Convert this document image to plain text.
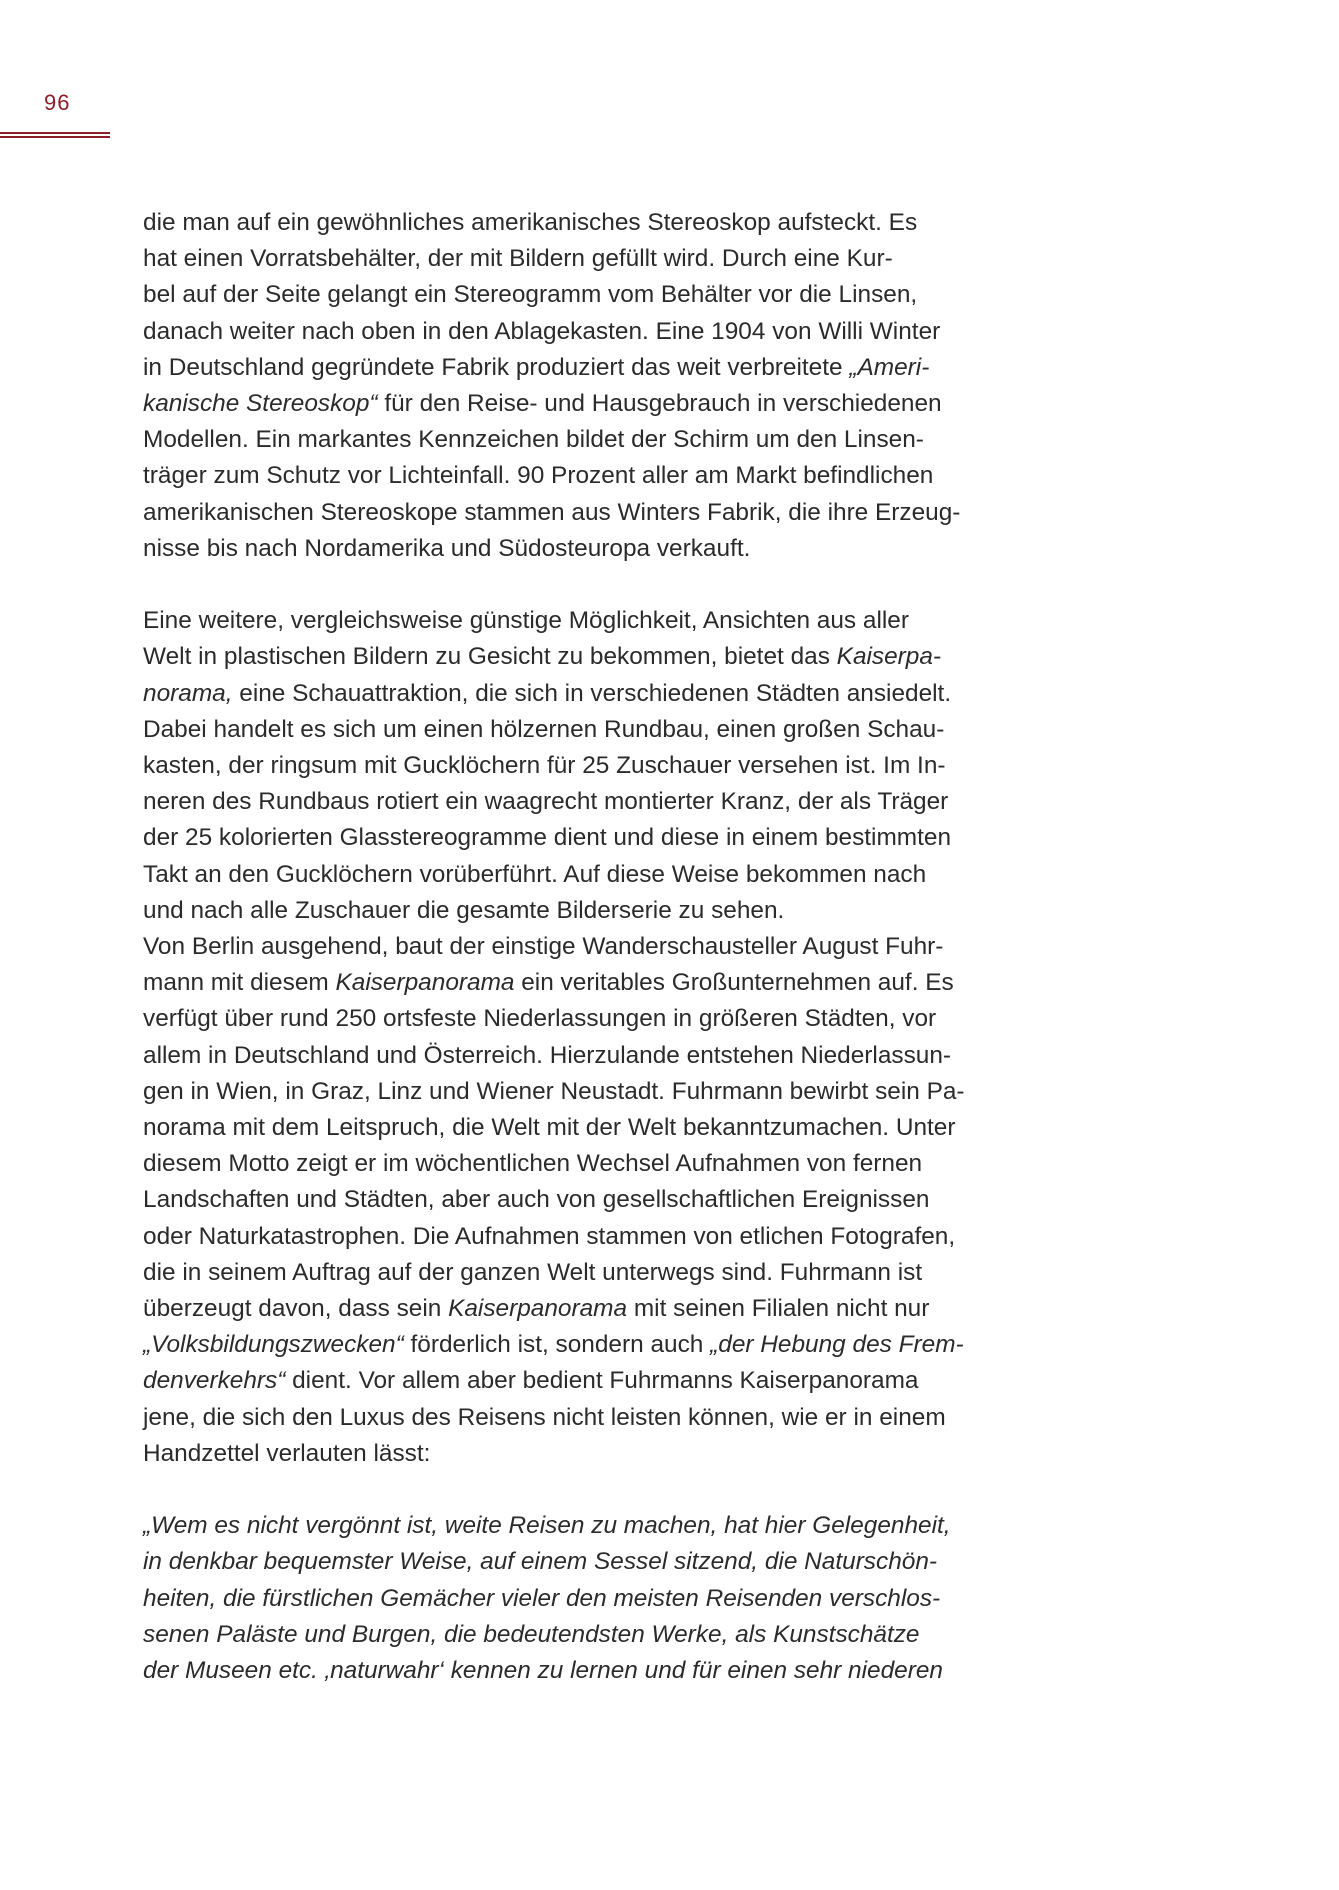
96
die man auf ein gewöhnliches amerikanisches Stereoskop aufsteckt. Es
hat einen Vorratsbehälter, der mit Bildern gefüllt wird. Durch eine Kur-
bel auf der Seite gelangt ein Stereogramm vom Behälter vor die Linsen,
danach weiter nach oben in den Ablagekasten. Eine 1904 von Willi Winter
in Deutschland gegründete Fabrik produziert das weit verbreitete „Ameri-
kanische Stereoskop“ für den Reise- und Hausgebrauch in verschiedenen
Modellen. Ein markantes Kennzeichen bildet der Schirm um den Linsen-
träger zum Schutz vor Lichteinfall. 90 Prozent aller am Markt befindlichen
amerikanischen Stereoskope stammen aus Winters Fabrik, die ihre Erzeug-
nisse bis nach Nordamerika und Südosteuropa verkauft.
Eine weitere, vergleichsweise günstige Möglichkeit, Ansichten aus aller
Welt in plastischen Bildern zu Gesicht zu bekommen, bietet das Kaiserpa-
norama, eine Schauattraktion, die sich in verschiedenen Städten ansiedelt.
Dabei handelt es sich um einen hölzernen Rundbau, einen großen Schau-
kasten, der ringsum mit Gucklöchern für 25 Zuschauer versehen ist. Im In-
neren des Rundbaus rotiert ein waagrecht montierter Kranz, der als Träger
der 25 kolorierten Glasstereogramme dient und diese in einem bestimmten
Takt an den Gucklöchern vorüberführt. Auf diese Weise bekommen nach
und nach alle Zuschauer die gesamte Bilderserie zu sehen.
Von Berlin ausgehend, baut der einstige Wanderschausteller August Fuhr-
mann mit diesem Kaiserpanorama ein veritables Großunternehmen auf. Es
verfügt über rund 250 ortsfeste Niederlassungen in größeren Städten, vor
allem in Deutschland und Österreich. Hierzulande entstehen Niederlassun-
gen in Wien, in Graz, Linz und Wiener Neustadt. Fuhrmann bewirbt sein Pa-
norama mit dem Leitspruch, die Welt mit der Welt bekanntzumachen. Unter
diesem Motto zeigt er im wöchentlichen Wechsel Aufnahmen von fernen
Landschaften und Städten, aber auch von gesellschaftlichen Ereignissen
oder Naturkatastrophen. Die Aufnahmen stammen von etlichen Fotografen,
die in seinem Auftrag auf der ganzen Welt unterwegs sind. Fuhrmann ist
überzeugt davon, dass sein Kaiserpanorama mit seinen Filialen nicht nur
„Volksbildungszwecken“ förderlich ist, sondern auch „der Hebung des Frem-
denverkehrs“ dient. Vor allem aber bedient Fuhrmanns Kaiserpanorama
jene, die sich den Luxus des Reisens nicht leisten können, wie er in einem
Handzettel verlauten lässt:
„Wem es nicht vergönnt ist, weite Reisen zu machen, hat hier Gelegenheit,
in denkbar bequemster Weise, auf einem Sessel sitzend, die Naturschön-
heiten, die fürstlichen Gemächer vieler den meisten Reisenden verschlos-
senen Paläste und Burgen, die bedeutendsten Werke, als Kunstschätze
der Museen etc. ‚naturwahr‘ kennen zu lernen und für einen sehr niederen
